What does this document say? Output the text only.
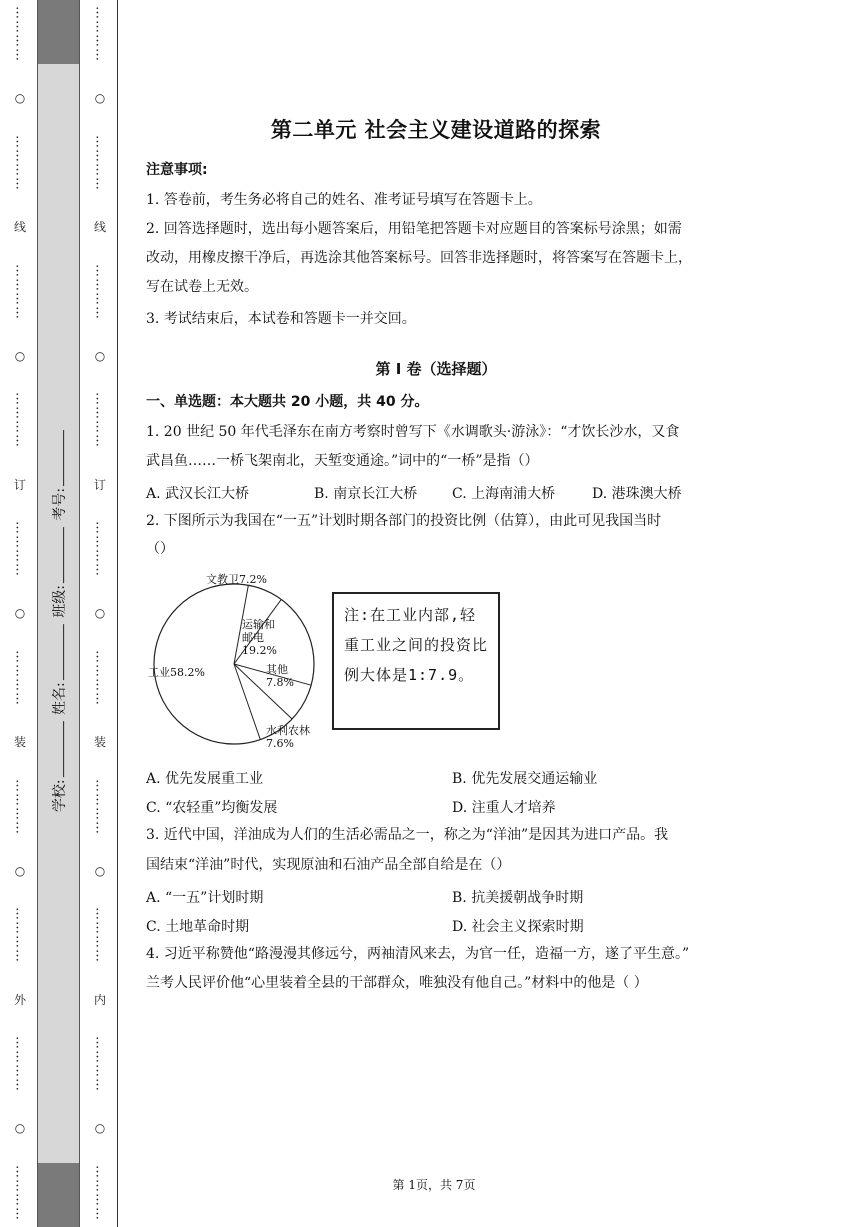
…………
○
…………
线
…………
○
…………
订
…………
○
…………
装
…………
○
…………
外
…………
○
…………
学校: 姓名: 班级: 考号:
…………
○
…………
线
…………
○
…………
订
…………
○
…………
装
…………
○
…………
内
…………
○
…………
第二单元 社会主义建设道路的探索
注意事项:
1. 答卷前，考生务必将自己的姓名、准考证号填写在答题卡上。
2. 回答选择题时，选出每小题答案后，用铅笔把答题卡对应题目的答案标号涂黑；如需
改动，用橡皮擦干净后，再选涂其他答案标号。回答非选择题时，将答案写在答题卡上，
写在试卷上无效。
3. 考试结束后，本试卷和答题卡一并交回。
第 I 卷（选择题）
一、单选题：本大题共 20 小题，共 40 分。
1. 20 世纪 50 年代毛泽东在南方考察时曾写下《水调歌头·游泳》：“才饮长沙水，又食
武昌鱼……一桥飞架南北，天堑变通途。”词中的“一桥”是指（）
A. 武汉长江大桥	B. 南京长江大桥 C. 上海南浦大桥	D. 港珠澳大桥
2. 下图所示为我国在“一五”计划时期各部门的投资比例（估算），由此可见我国当时
（）
A. 优先发展重工业	B. 优先发展交通运输业
C. “农轻重”均衡发展	D. 注重人才培养
3. 近代中国，洋油成为人们的生活必需品之一，称之为“洋油”是因其为进口产品。我
国结束“洋油”时代，实现原油和石油产品全部自给是在（）
A. “一五”计划时期	B. 抗美援朝战争时期
C. 土地革命时期	D. 社会主义探索时期
4. 习近平称赞他“路漫漫其修远兮，两袖清风来去，为官一任，造福一方，遂了平生意。”
兰考人民评价他“心里装着全县的干部群众，唯独没有他自己。”材料中的他是（ ）
文教卫7.2%
运输和邮电 19.2%
其他 7.8%
水利农林 7.6%
工业58.2%
注:在工业内部,轻重工业之间的投资比例大体是1:7.9。
第 1页，共 7页
